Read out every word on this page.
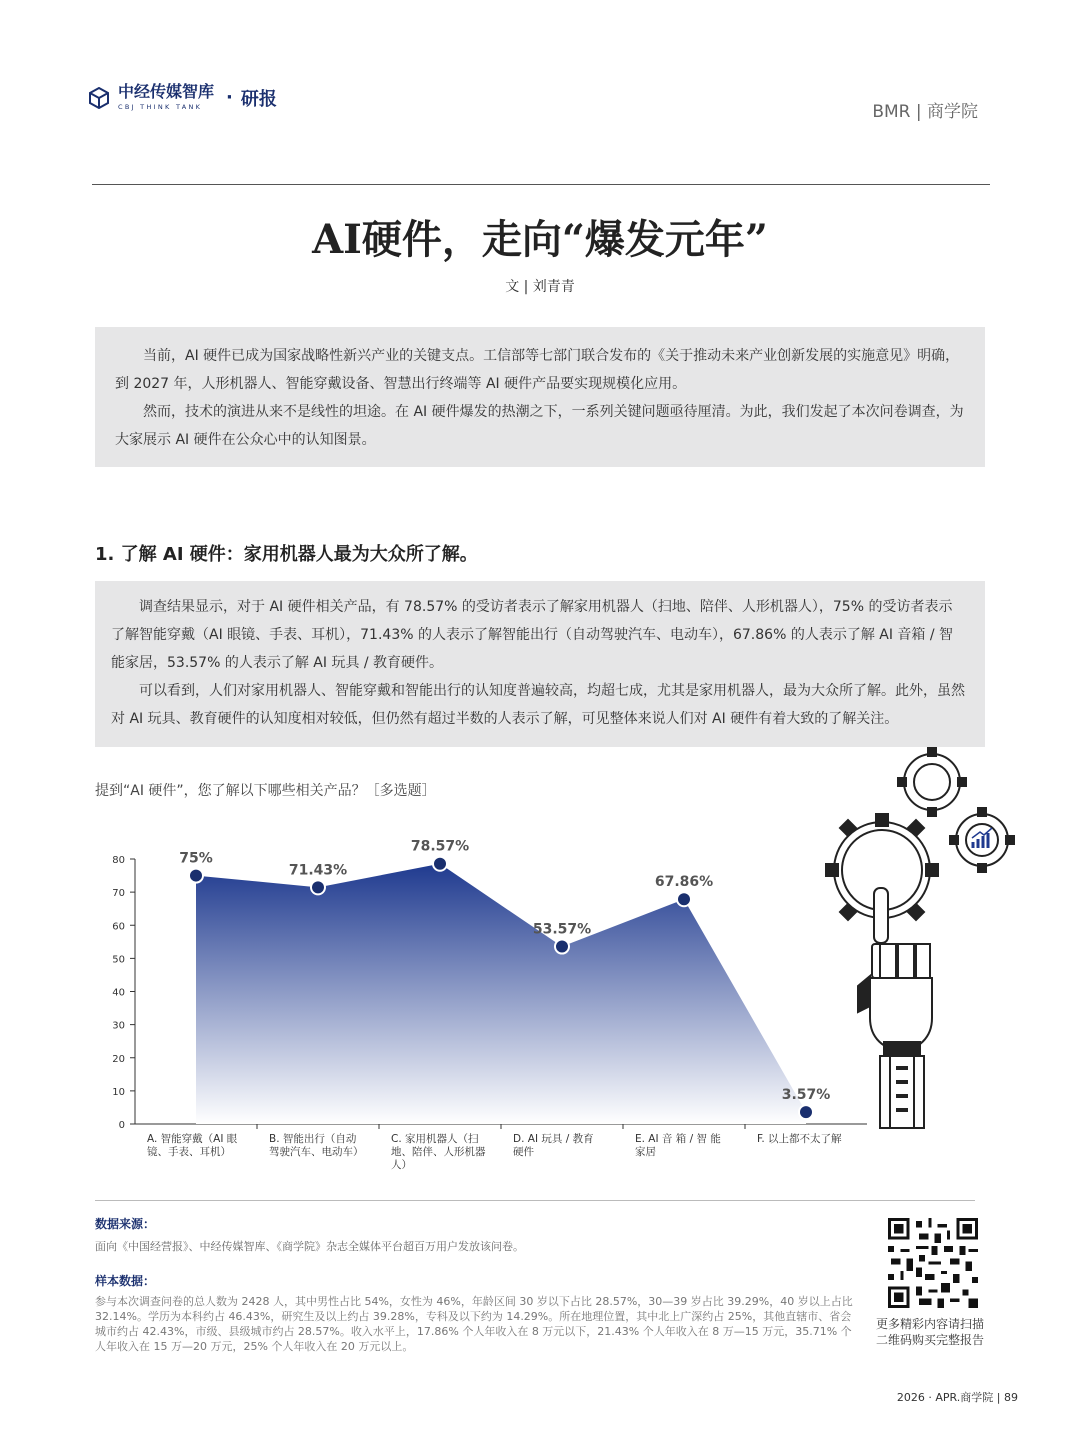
中经传媒智库
CBJ THINK TANK	· 研报
BMR | 商学院
AI硬件，走向“爆发元年”
文 | 刘青青

当前，AI 硬件已成为国家战略性新兴产业的关键支点。工信部等七部门联合发布的《关于推动未来产业创新发展的实施意见》明确，到 2027 年，人形机器人、智能穿戴设备、智慧出行终端等 AI 硬件产品要实现规模化应用。

然而，技术的演进从来不是线性的坦途。在 AI 硬件爆发的热潮之下，一系列关键问题亟待厘清。为此，我们发起了本次问卷调查，为大家展示 AI 硬件在公众心中的认知图景。

1. 了解 AI 硬件：家用机器人最为大众所了解。

调查结果显示，对于 AI 硬件相关产品，有 78.57% 的受访者表示了解家用机器人（扫地、陪伴、人形机器人），75% 的受访者表示了解智能穿戴（AI 眼镜、手表、耳机），71.43% 的人表示了解智能出行（自动驾驶汽车、电动车），67.86% 的人表示了解 AI 音箱 / 智能家居，53.57% 的人表示了解 AI 玩具 / 教育硬件。

可以看到，人们对家用机器人、智能穿戴和智能出行的认知度普遍较高，均超七成，尤其是家用机器人，最为大众所了解。此外，虽然对 AI 玩具、教育硬件的认知度相对较低，但仍然有超过半数的人表示了解，可见整体来说人们对 AI 硬件有着大致的了解关注。

提到“AI 硬件”，您了解以下哪些相关产品？［多选题］
0
10
20
30
40
50
60
70
80	75%
71.43%
78.57%
53.57%
67.86%
3.57%
A. 智能穿戴（AI 眼
镜、手表、耳机）
B. 智能出行（自动
驾驶汽车、电动车）
C. 家用机器人（扫
地、陪伴、人形机器
人）
D. AI 玩具 / 教育
硬件
E. AI 音 箱 / 智 能
家居
F. 以上都不太了解
数据来源：
面向《中国经营报》、中经传媒智库、《商学院》杂志全媒体平台超百万用户发放该问卷。
样本数据：
参与本次调查问卷的总人数为 2428 人，其中男性占比 54%，女性为 46%，年龄区间 30 岁以下占比 28.57%，30—39 岁占比 39.29%，40 岁以上占比 32.14%。学历为本科约占 46.43%，研究生及以上约占 39.28%，专科及以下约为 14.29%。所在地理位置，其中北上广深约占 25%，其他直辖市、省会城市约占 42.43%，市级、县级城市约占 28.57%。收入水平上，17.86% 个人年收入在 8 万元以下，21.43% 个人年收入在 8 万—15 万元，35.71% 个人年收入在 15 万—20 万元，25% 个人年收入在 20 万元以上。
更多精彩内容请扫描
二维码购买完整报告
2026 · APR.商学院 | 89
